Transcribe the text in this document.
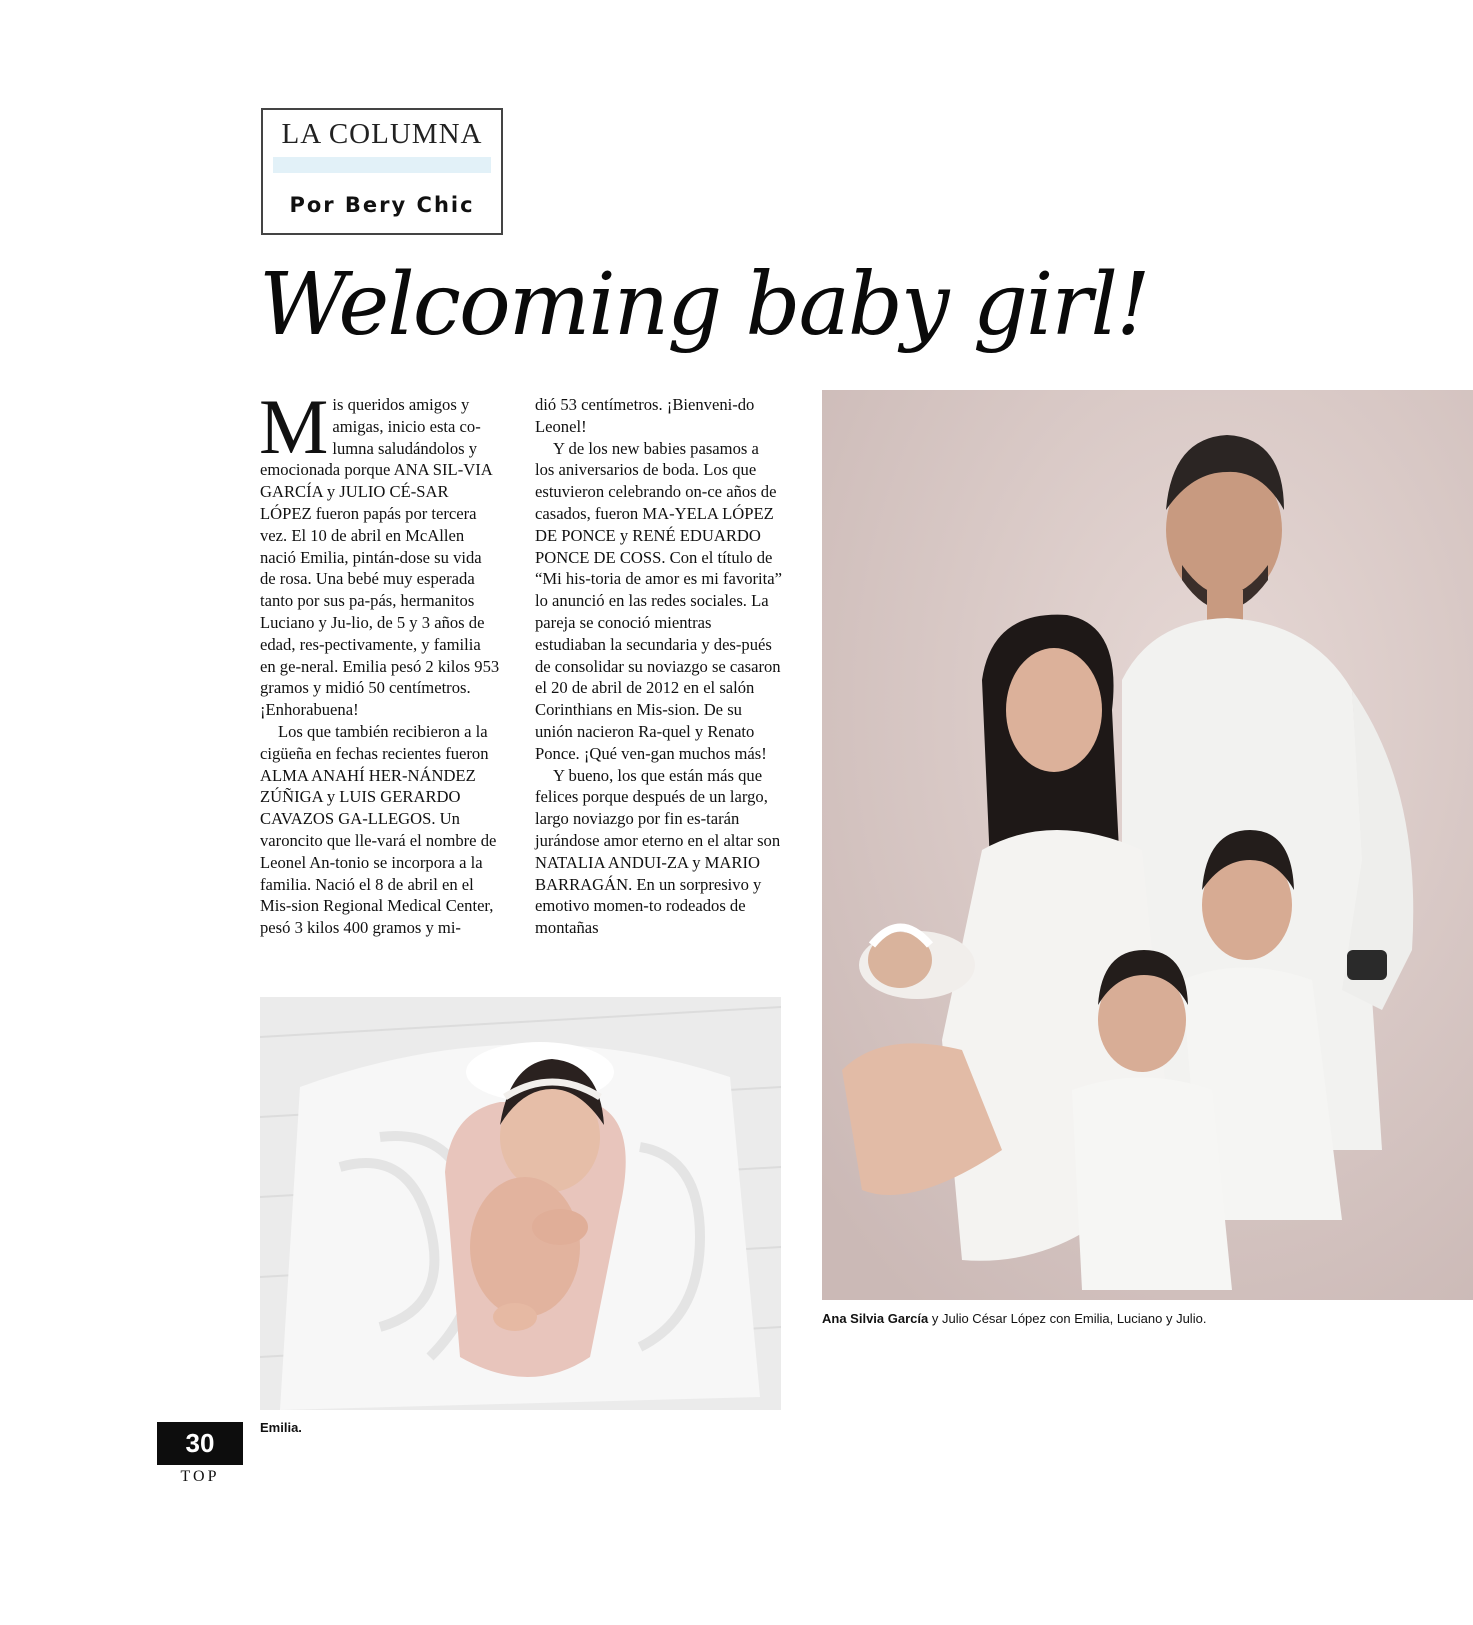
LA COLUMNA
Por Bery Chic
Welcoming baby girl!

Mis queridos amigos y amigas, inicio esta co-lumna saludándolos y emocionada porque ANA SIL-VIA GARCÍA y JULIO CÉ-SAR LÓPEZ fueron papás por tercera vez. El 10 de abril en McAllen nació Emilia, pintán-dose su vida de rosa. Una bebé muy esperada tanto por sus pa-pás, hermanitos Luciano y Ju-lio, de 5 y 3 años de edad, res-pectivamente, y familia en ge-neral. Emilia pesó 2 kilos 953 gramos y midió 50 centímetros. ¡Enhorabuena!

Los que también recibieron a la cigüeña en fechas recientes fueron ALMA ANAHÍ HER-NÁNDEZ ZÚÑIGA y LUIS GERARDO CAVAZOS GA-LLEGOS. Un varoncito que lle-vará el nombre de Leonel An-tonio se incorpora a la familia. Nació el 8 de abril en el Mis-sion Regional Medical Center, pesó 3 kilos 400 gramos y mi-

dió 53 centímetros. ¡Bienveni-do Leonel!

Y de los new babies pasamos a los aniversarios de boda. Los que estuvieron celebrando on-ce años de casados, fueron MA-YELA LÓPEZ DE PONCE y RENÉ EDUARDO PONCE DE COSS. Con el título de “Mi his-toria de amor es mi favorita” lo anunció en las redes sociales. La pareja se conoció mientras estudiaban la secundaria y des-pués de consolidar su noviazgo se casaron el 20 de abril de 2012 en el salón Corinthians en Mis-sion. De su unión nacieron Ra-quel y Renato Ponce. ¡Qué ven-gan muchos más!

Y bueno, los que están más que felices porque después de un largo, largo noviazgo por fin es-tarán jurándose amor eterno en el altar son NATALIA ANDUI-ZA y MARIO BARRAGÁN. En un sorpresivo y emotivo momen-to rodeados de montañas

Ana Silvia García y Julio César López con Emilia, Luciano y Julio.
Emilia.
30
TOP
